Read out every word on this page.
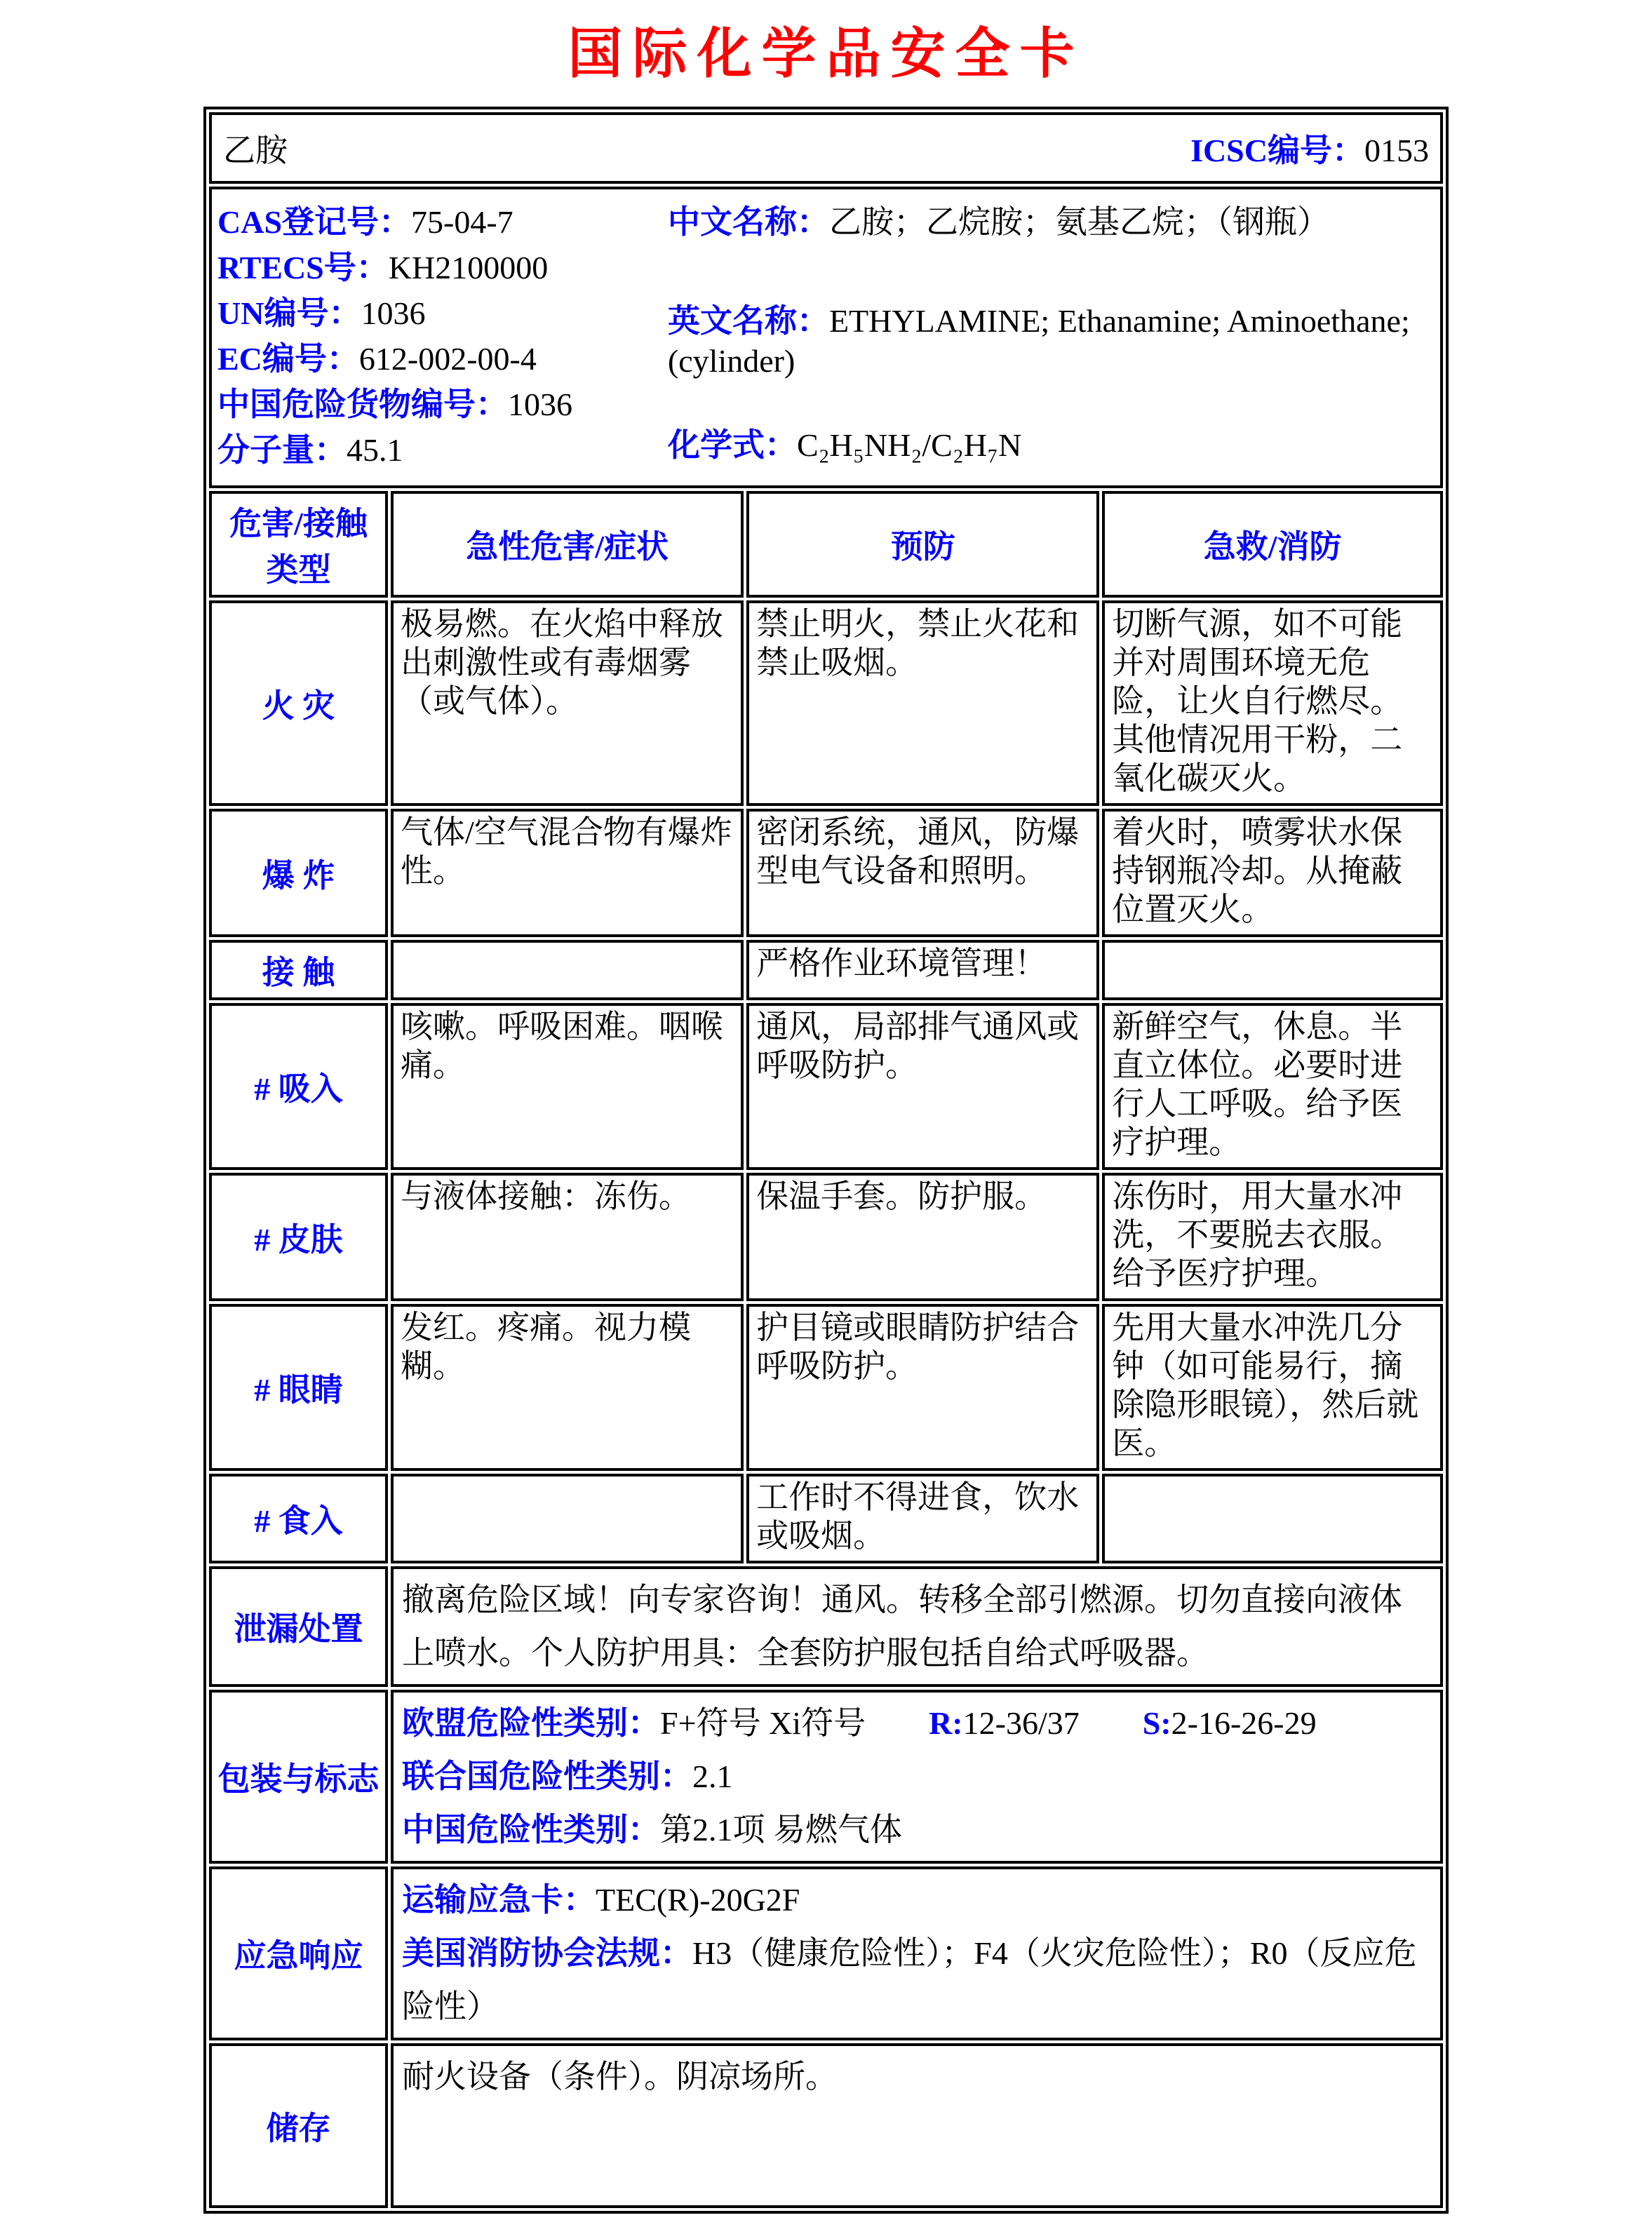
国际化学品安全卡
乙胺 ICSC编号：0153			

CAS登记号：75-04-7
RTECS号：KH2100000
UN编号：1036
EC编号：612-002-00-4
中国危险货物编号：1036
分子量：45.1
中文名称：乙胺；乙烷胺；氨基乙烷；（钢瓶）
英文名称：ETHYLAMINE; Ethanamine; Aminoethane; (cylinder)
化学式：C₂H₅NH₂/C₂H₇N

危害/接触类型	急性危害/症状	预防	急救/消防
火 灾	极易燃。在火焰中释放出刺激性或有毒烟雾（或气体）。	禁止明火，禁止火花和禁止吸烟。	切断气源，如不可能并对周围环境无危险，让火自行燃尽。其他情况用干粉，二氧化碳灭火。
爆 炸	气体/空气混合物有爆炸性。	密闭系统，通风，防爆型电气设备和照明。	着火时，喷雾状水保持钢瓶冷却。从掩蔽位置灭火。
接 触		严格作业环境管理！	
# 吸入	咳嗽。呼吸困难。咽喉痛。	通风，局部排气通风或呼吸防护。	新鲜空气，休息。半直立体位。必要时进行人工呼吸。给予医疗护理。
# 皮肤	与液体接触：冻伤。	保温手套。防护服。	冻伤时，用大量水冲洗，不要脱去衣服。给予医疗护理。
# 眼睛	发红。疼痛。视力模糊。	护目镜或眼睛防护结合呼吸防护。	先用大量水冲洗几分钟（如可能易行，摘除隐形眼镜），然后就医。
# 食入		工作时不得进食，饮水或吸烟。	
泄漏处置	撤离危险区域！向专家咨询！通风。转移全部引燃源。切勿直接向液体上喷水。个人防护用具：全套防护服包括自给式呼吸器。		
包装与标志	欧盟危险性类别：F+符号 Xi符号 R:12-36/37 S:2-16-26-29
联合国危险性类别：2.1
中国危险性类别：第2.1项 易燃气体		

应急响应	运输应急卡：TEC(R)-20G2F
美国消防协会法规：H3（健康危险性）；F4（火灾危险性）；R0（反应危险性）		

储存	耐火设备（条件）。阴凉场所。		
